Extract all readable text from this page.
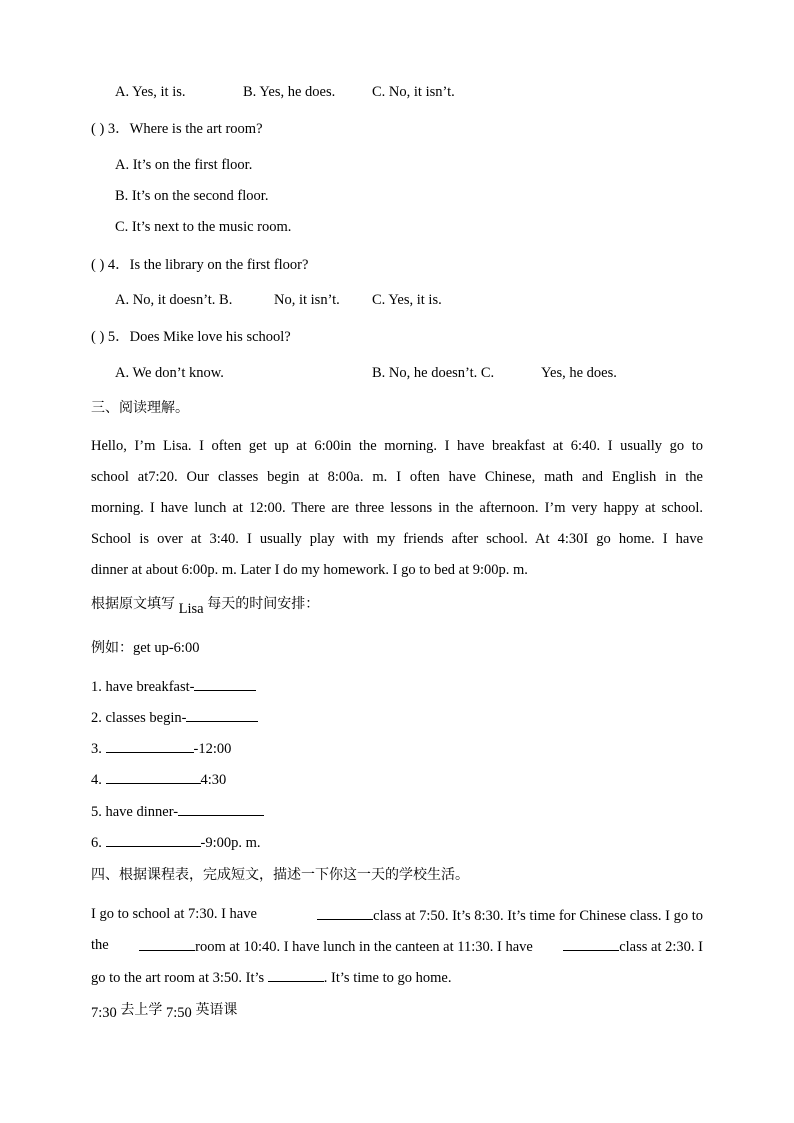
A. Yes, it is.	B. Yes, he does.	C. No, it isn’t.
( ) 3．Where is the art room?
A. It’s on the first floor.
B. It’s on the second floor.
C. It’s next to the music room.
( ) 4．Is the library on the first floor?
A. No, it doesn’t. B.	No, it isn’t. C. Yes, it is.
( ) 5．Does Mike love his school?
A. We don’t know.	B. No, he doesn’t. C.	Yes, he does.
三、阅读理解。
Hello, I’m Lisa. I often get up at 6:00in the morning. I have breakfast at 6:40. I usually go to
school at7:20. Our classes begin at 8:00a. m. I often have Chinese, math and English in the
morning. I have lunch at 12:00. There are three lessons in the afternoon. I’m very happy at school.
School is over at 3:40. I usually play with my friends after school. At 4:30I go home. I have
dinner at about 6:00p. m. Later I do my homework. I go to bed at 9:00p. m.
根据原文填写 Lisa 每天的时间安排：
例如：get up-6:00
1. have breakfast-
2. classes begin-
3.	-12:00
4.	4:30
5. have dinner-
6.	-9:00p. m.
四、根据课程表，完成短文，描述一下你这一天的学校生活。
I go to school at 7:30. I have	class at 7:50. It’s 8:30. It’s time for Chinese class. I go to
the	room at 10:40. I have lunch in the canteen at 11:30. I have	class at 2:30. I
go to the art room at 3:50. It’s	. It’s time to go home.
7:30 去上学 7:50 英语课
